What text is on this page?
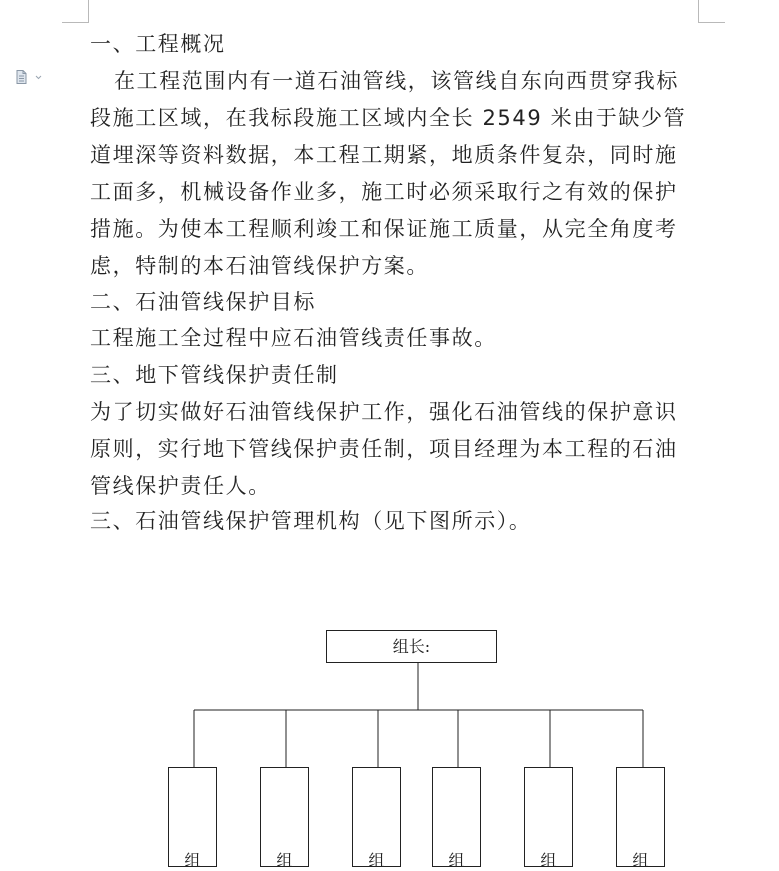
一、工程概况

在工程范围内有一道石油管线，该管线自东向西贯穿我标
段施工区域，在我标段施工区域内全长 2549 米由于缺少管
道埋深等资料数据，本工程工期紧，地质条件复杂，同时施
工面多，机械设备作业多，施工时必须采取行之有效的保护
措施。为使本工程顺利竣工和保证施工质量，从完全角度考
虑，特制的本石油管线保护方案。

二、石油管线保护目标

工程施工全过程中应石油管线责任事故。

三、地下管线保护责任制

为了切实做好石油管线保护工作，强化石油管线的保护意识
原则，实行地下管线保护责任制，项目经理为本工程的石油
管线保护责任人。

三、石油管线保护管理机构（见下图所示）。

组长:
组	组	组	组	组	组
